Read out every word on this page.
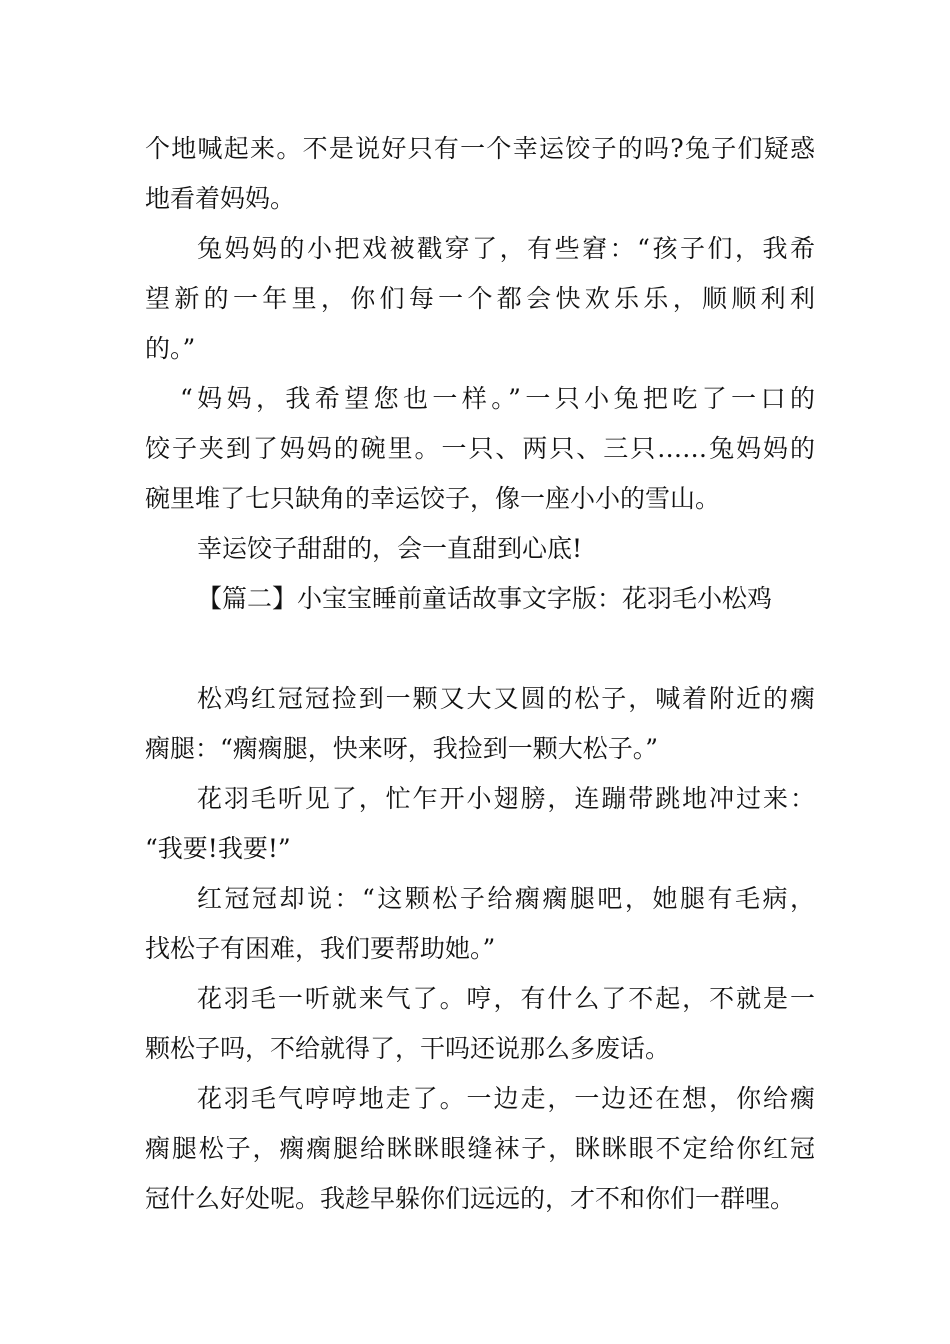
个地喊起来。不是说好只有一个幸运饺子的吗?兔子们疑惑
地看着妈妈。
兔妈妈的小把戏被戳穿了，有些窘：“孩子们，我希
望新的一年里，你们每一个都会快欢乐乐，顺顺利利
的。”
“妈妈，我希望您也一样。”一只小兔把吃了一口的
饺子夹到了妈妈的碗里。一只、两只、三只……兔妈妈的
碗里堆了七只缺角的幸运饺子，像一座小小的雪山。
幸运饺子甜甜的，会一直甜到心底!
【篇二】小宝宝睡前童话故事文字版：花羽毛小松鸡
松鸡红冠冠捡到一颗又大又圆的松子，喊着附近的瘸
瘸腿：“瘸瘸腿，快来呀，我捡到一颗大松子。”
花羽毛听见了，忙乍开小翅膀，连蹦带跳地冲过来：
“我要!我要!”
红冠冠却说：“这颗松子给瘸瘸腿吧，她腿有毛病，
找松子有困难，我们要帮助她。”
花羽毛一听就来气了。哼，有什么了不起，不就是一
颗松子吗，不给就得了，干吗还说那么多废话。
花羽毛气哼哼地走了。一边走，一边还在想，你给瘸
瘸腿松子，瘸瘸腿给眯眯眼缝袜子，眯眯眼不定给你红冠
冠什么好处呢。我趁早躲你们远远的，才不和你们一群哩。
